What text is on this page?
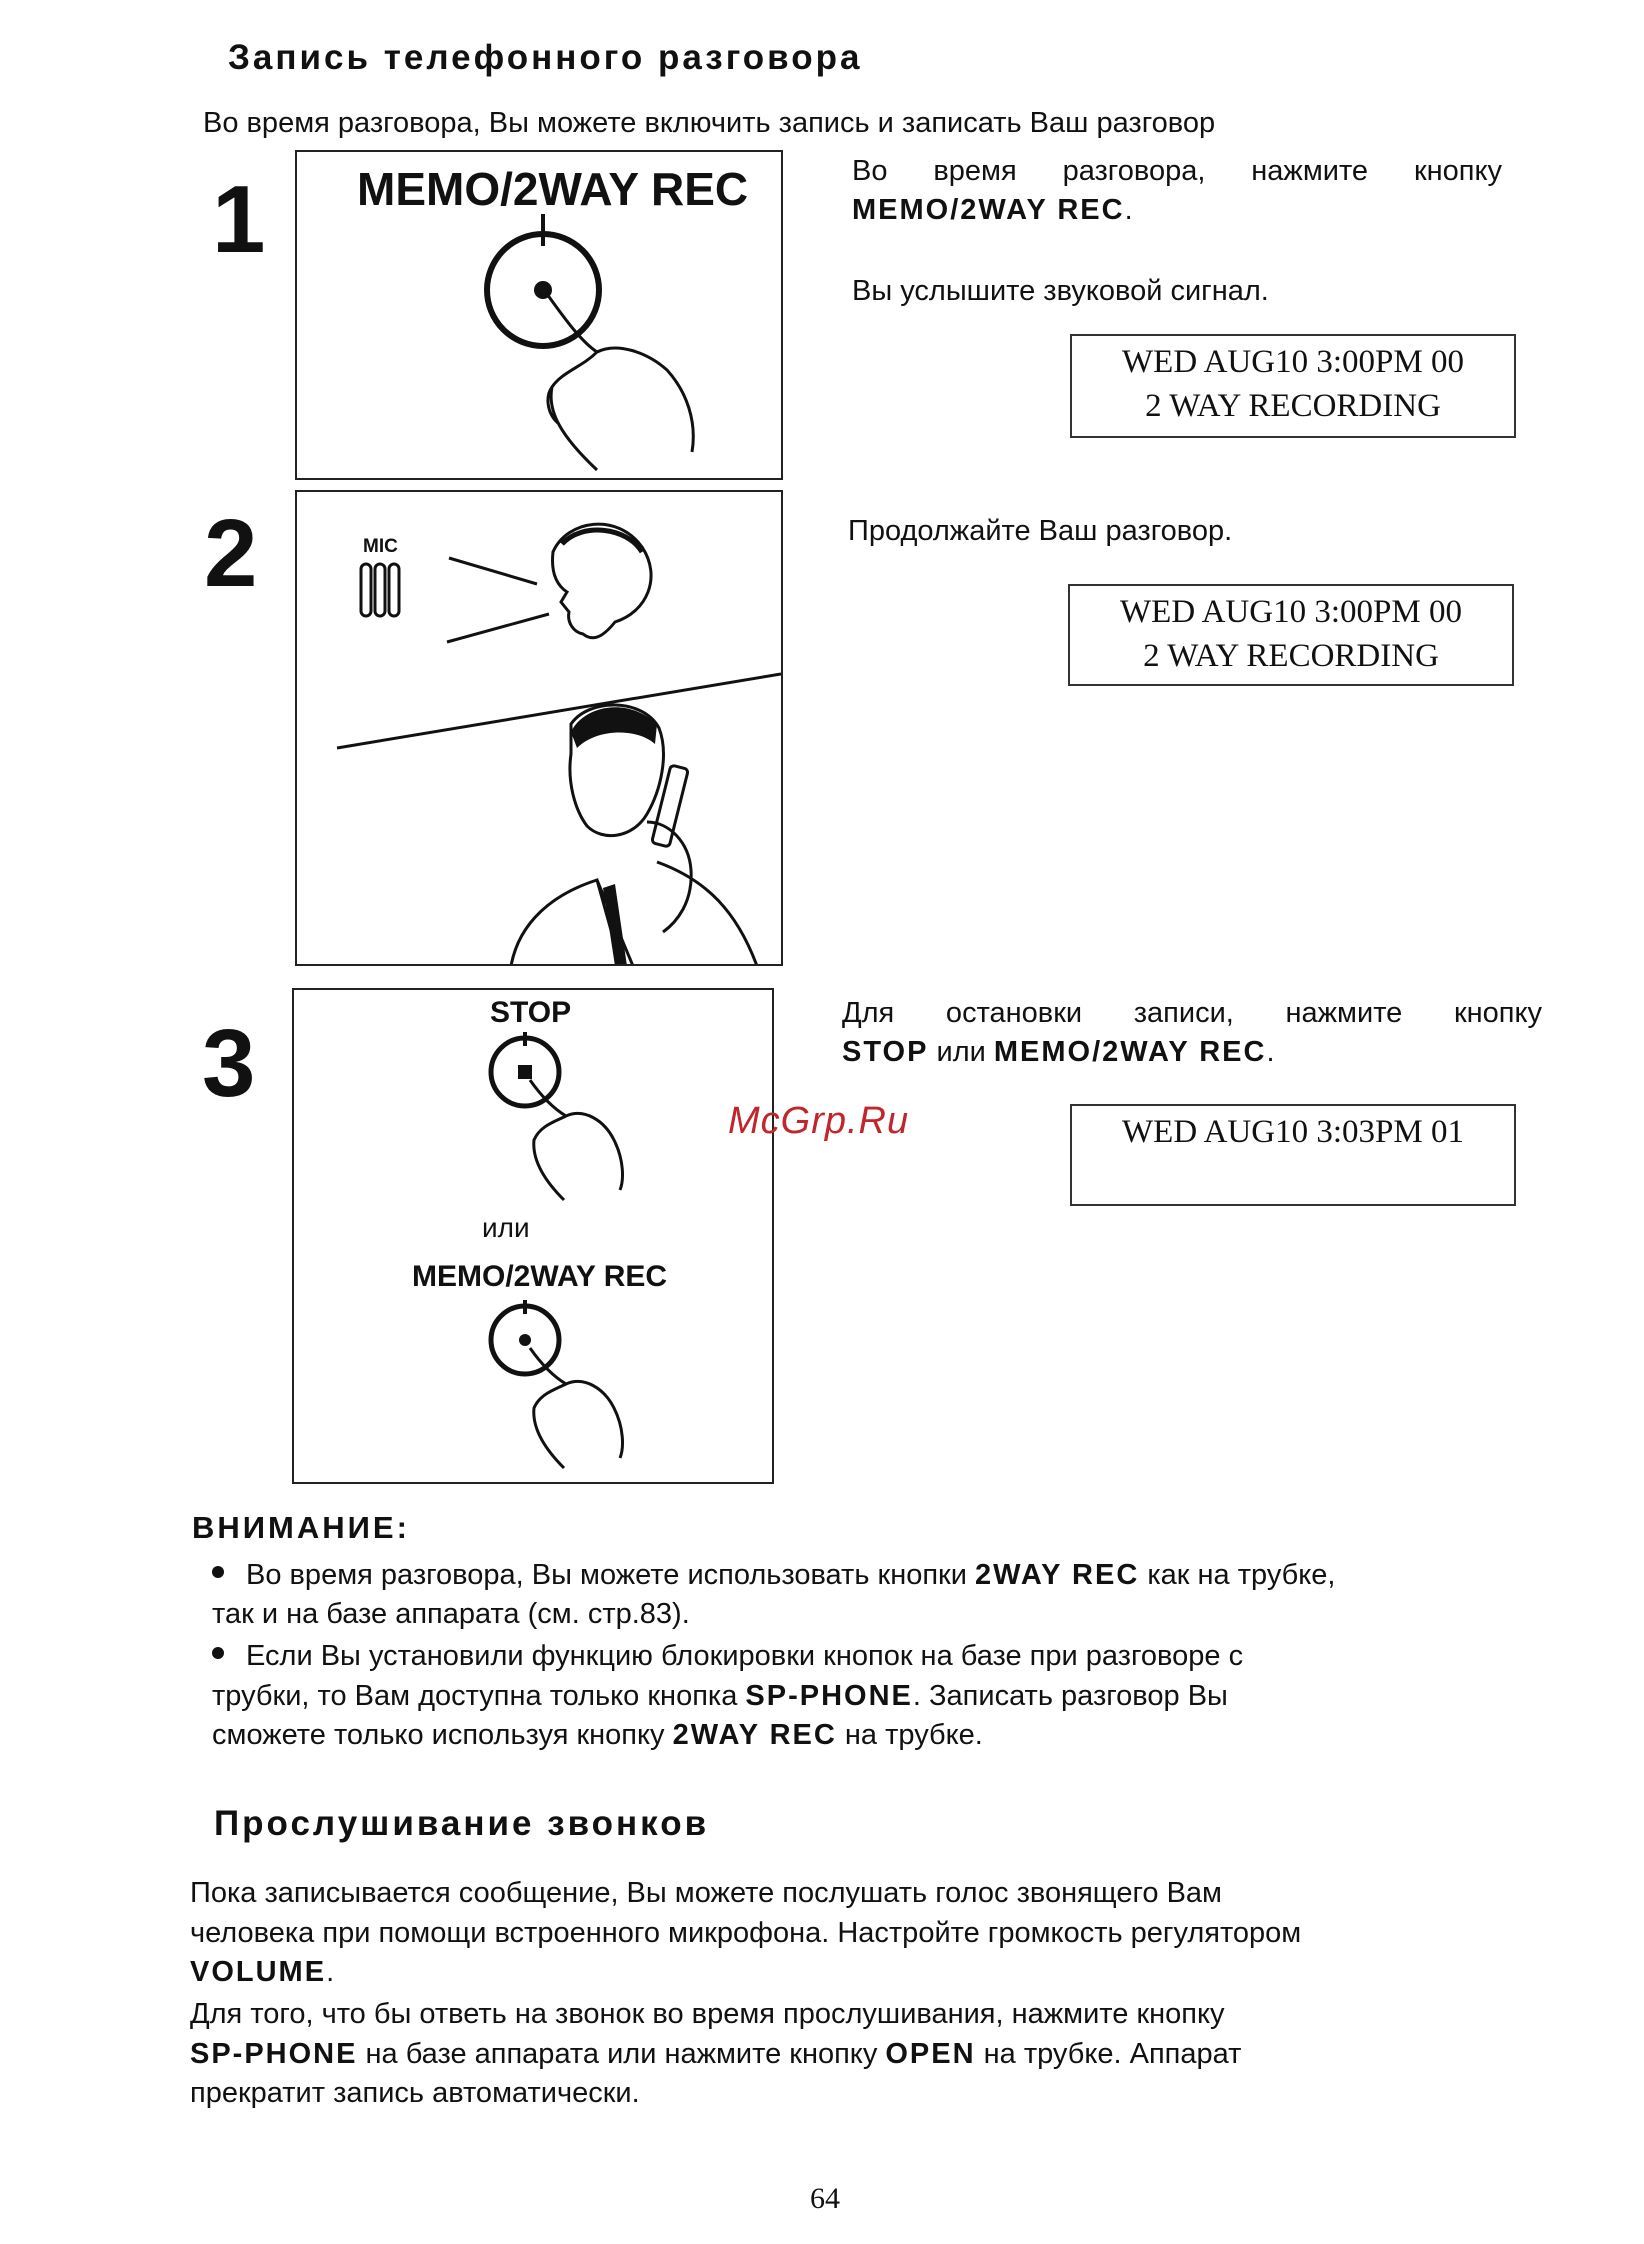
Запись телефонного разговора
Во время разговора, Вы можете включить запись и записать Ваш разговор
1 MEMO/2WAY REC	Во время разговора, нажмите кнопку
MEMO/2WAY REC.
Вы услышите звуковой сигнал.
WED AUG10 3:00PM 00
2 WAY RECORDING
2	MIC	Продолжайте Ваш разговор.
WED AUG10 3:00PM 00
2 WAY RECORDING
3	STOP
или
MEMO/2WAY REC
Для остановки записи, нажмите кнопку
STOP или MEMO/2WAY REC.
McGrp.Ru	WED AUG10 3:03PM 01
ВНИМАНИЕ:
Во время разговора, Вы можете использовать кнопки 2WAY REC как на трубке,
так и на базе аппарата (см. стр.83).
Если Вы установили функцию блокировки кнопок на базе при разговоре с
трубки, то Вам доступна только кнопка SP-PHONE. Записать разговор Вы
сможете только используя кнопку 2WAY REC на трубке.
Прослушивание звонков
Пока записывается сообщение, Вы можете послушать голос звонящего Вам
человека при помощи встроенного микрофона. Настройте громкость регулятором
VOLUME.
Для того, что бы ответь на звонок во время прослушивания, нажмите кнопку
SP-PHONE на базе аппарата или нажмите кнопку OPEN на трубке. Аппарат
прекратит запись автоматически.
64
